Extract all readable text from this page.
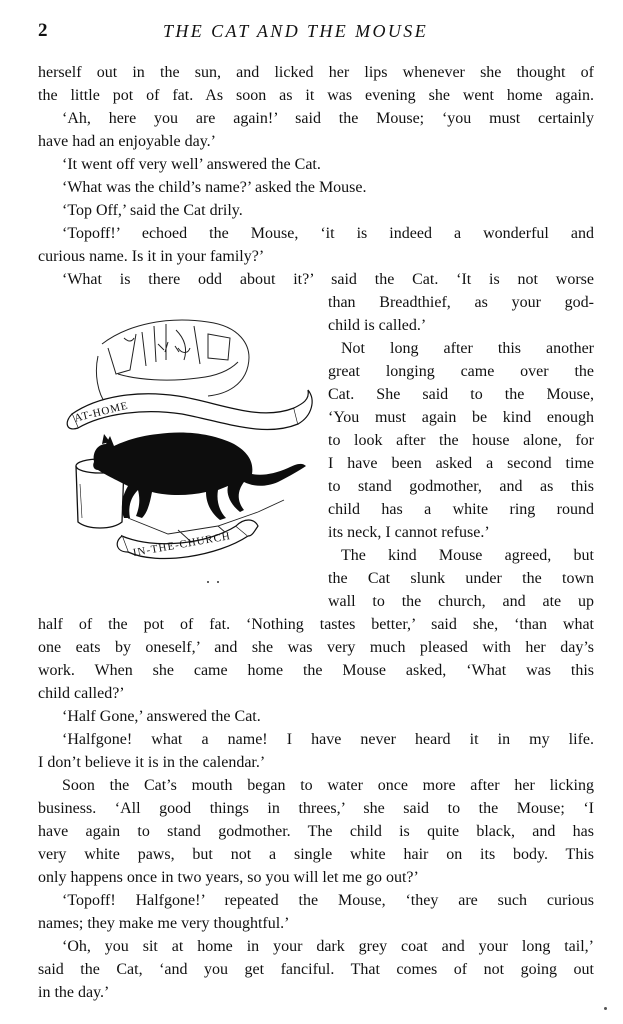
2	THE CAT AND THE MOUSE
herself out in the sun, and licked her lips whenever she thought of
the little pot of fat. As soon as it was evening she went home again.
‘Ah, here you are again!’ said the Mouse; ‘you must certainly
have had an enjoyable day.’
‘It went off very well’ answered the Cat.
‘What was the child’s name?’ asked the Mouse.
‘Top Off,’ said the Cat drily.
‘Topoff!’ echoed the Mouse, ‘it is indeed a wonderful and
curious name. Is it in your family?’
‘What is there odd about it?’ said the Cat. ‘It is not worse
than Breadthief, as your god-
child is called.’
Not long after this another
great longing came over the
Cat. She said to the Mouse,
‘You must again be kind enough
to look after the house alone, for
I have been asked a second time
to stand godmother, and as this
child has a white ring round
its neck, I cannot refuse.’
The kind Mouse agreed, but
the Cat slunk under the town
wall to the church, and ate up
half of the pot of fat. ‘Nothing tastes better,’ said she, ‘than what
one eats by oneself,’ and she was very much pleased with her day’s
work. When she came home the Mouse asked, ‘What was this
child called?’
‘Half Gone,’ answered the Cat.
‘Halfgone! what a name! I have never heard it in my life.
I don’t believe it is in the calendar.’
Soon the Cat’s mouth began to water once more after her licking
business. ‘All good things in threes,’ she said to the Mouse; ‘I
have again to stand godmother. The child is quite black, and has
very white paws, but not a single white hair on its body. This
only happens once in two years, so you will let me go out?’
‘Topoff! Halfgone!’ repeated the Mouse, ‘they are such curious
names; they make me very thoughtful.’
‘Oh, you sit at home in your dark grey coat and your long tail,’
said the Cat, ‘and you get fanciful. That comes of not going out
in the day.’
AT-HOME
IN-THE-CHURCH
